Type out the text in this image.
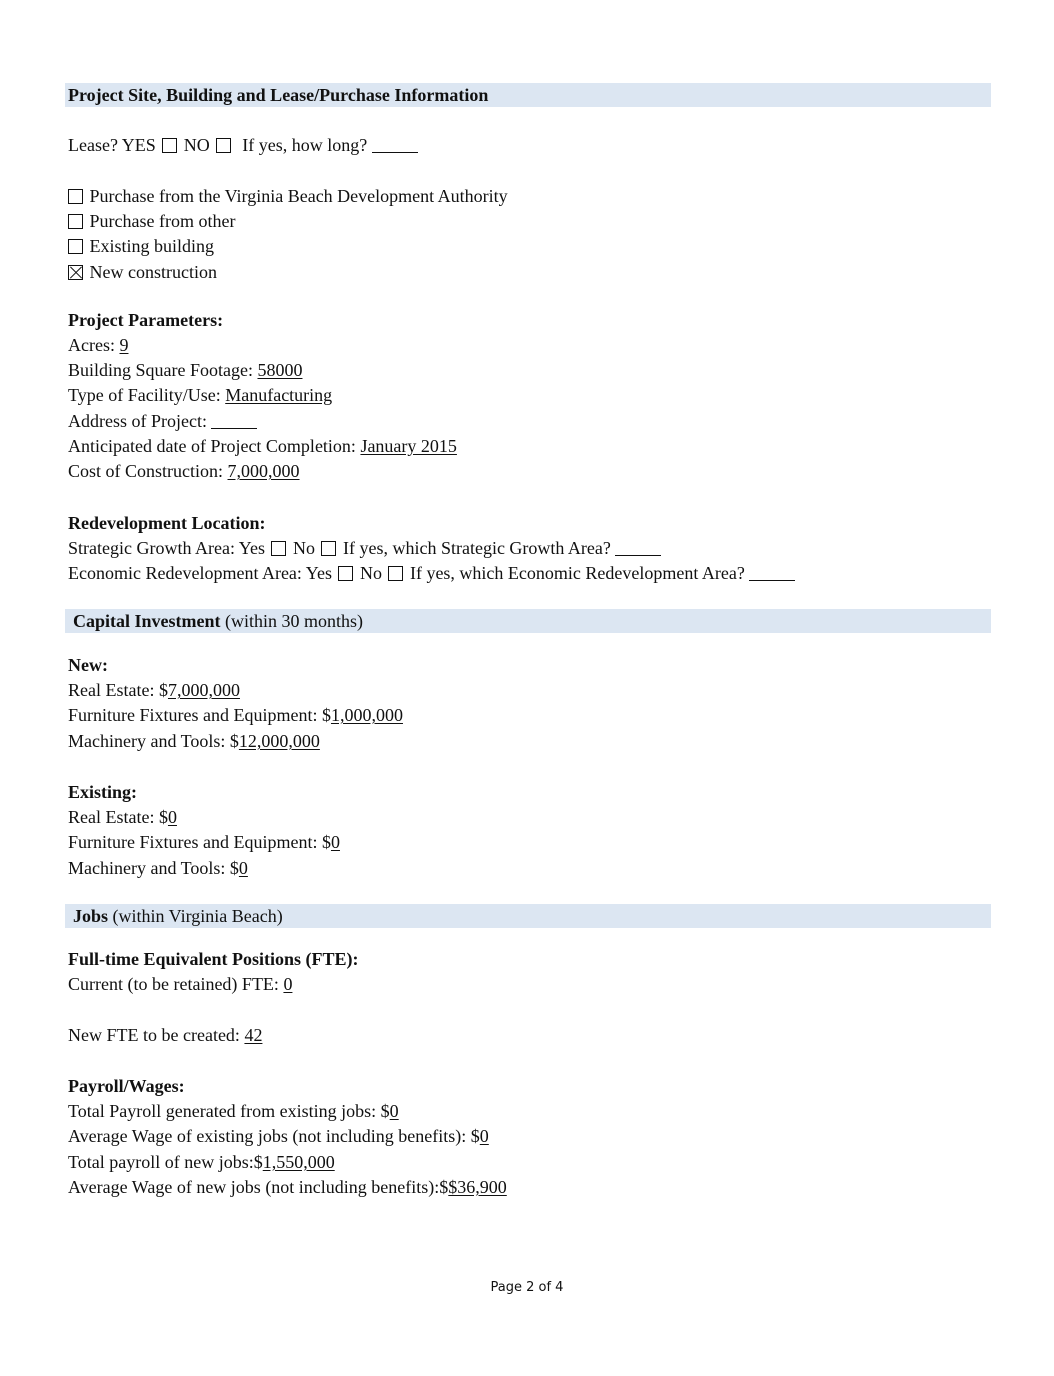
Project Site, Building and Lease/Purchase Information
Lease? YES NO If yes, how long?
Purchase from the Virginia Beach Development Authority
Purchase from other
Existing building
New construction
Project Parameters:
Acres: 9
Building Square Footage: 58000
Type of Facility/Use: Manufacturing
Address of Project:
Anticipated date of Project Completion: January 2015
Cost of Construction: 7,000,000
Redevelopment Location:
Strategic Growth Area: Yes No If yes, which Strategic Growth Area?
Economic Redevelopment Area: Yes No If yes, which Economic Redevelopment Area?
Capital Investment (within 30 months)
New:
Real Estate: $7,000,000
Furniture Fixtures and Equipment: $1,000,000
Machinery and Tools: $12,000,000
Existing:
Real Estate: $0
Furniture Fixtures and Equipment: $0
Machinery and Tools: $0
Jobs (within Virginia Beach)
Full-time Equivalent Positions (FTE):
Current (to be retained) FTE: 0
New FTE to be created: 42
Payroll/Wages:
Total Payroll generated from existing jobs: $0
Average Wage of existing jobs (not including benefits): $0
Total payroll of new jobs:$1,550,000
Average Wage of new jobs (not including benefits):$$36,900
Page 2 of 4
